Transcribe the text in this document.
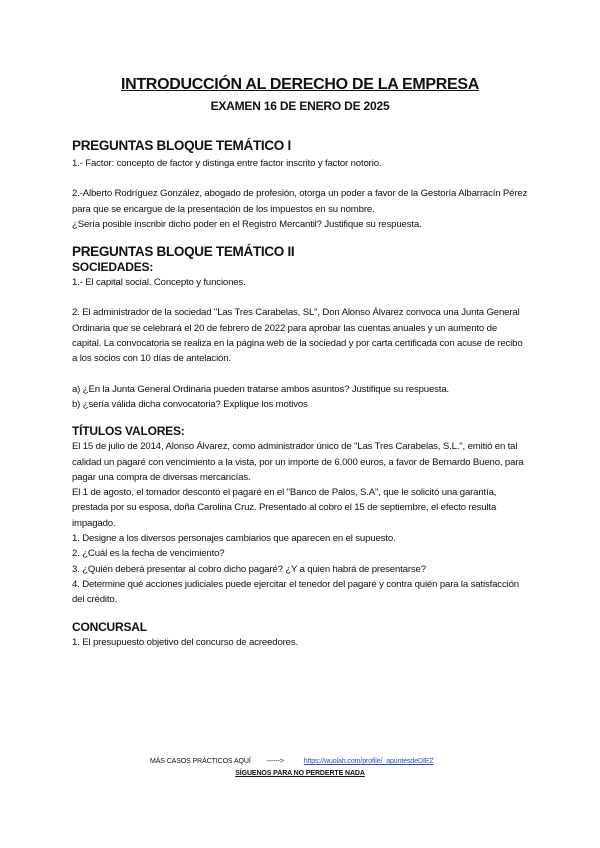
INTRODUCCIÓN AL DERECHO DE LA EMPRESA
EXAMEN 16 DE ENERO DE 2025
PREGUNTAS BLOQUE TEMÁTICO I
1.- Factor: concepto de factor y distinga entre factor inscrito y factor notorio.
2.-Alberto Rodríguez González, abogado de profesión, otorga un poder a favor de la Gestoría Albarracín Pérez
para que se encargue de la presentación de los impuestos en su nombre.
¿Sería posible inscribir dicho poder en el Registro Mercantil? Justifique su respuesta.
PREGUNTAS BLOQUE TEMÁTICO II
SOCIEDADES:
1.- El capital social. Concepto y funciones.
2. El administrador de la sociedad "Las Tres Carabelas, SL", Don Alonso Álvarez convoca una Junta General
Ordinaria que se celebrará el 20 de febrero de 2022 para aprobar las cuentas anuales y un aumento de
capital. La convocatoria se realiza en la página web de la sociedad y por carta certificada con acuse de recibo
a los socios con 10 días de antelación.
a) ¿En la Junta General Ordinaria pueden tratarse ambos asuntos? Justifique su respuesta.
b) ¿sería válida dicha convocatoria? Explique los motivos
TÍTULOS VALORES:
El 15 de julio de 2014, Alonso Álvarez, como administrador único de "Las Tres Carabelas, S.L.", emitió en tal
calidad un pagaré con vencimiento a la vista, por un importe de 6.000 euros, a favor de Bernardo Bueno, para
pagar una compra de diversas mercancías.
El 1 de agosto, el tomador descontó el pagaré en el "Banco de Palos, S.A", que le solicitó una garantía,
prestada por su esposa, doña Carolina Cruz. Presentado al cobro el 15 de septiembre, el efecto resulta
impagado.
1. Designe a los diversos personajes cambiarios que aparecen en el supuesto.
2. ¿Cuál es la fecha de vencimiento?
3. ¿Quién deberá presentar al cobro dicho pagaré? ¿Y a quien habrá de presentarse?
4. Determine qué acciones judiciales puede ejercitar el tenedor del pagaré y contra quién para la satisfacción
del crédito.
CONCURSAL
1. El presupuesto objetivo del concurso de acreedores.
MÁS CASOS PRÁCTICOS AQUÍ ------>	https://wuolah.com/profile/_apuntesdeDIEZ
SÍGUENOS PARA NO PERDERTE NADA
